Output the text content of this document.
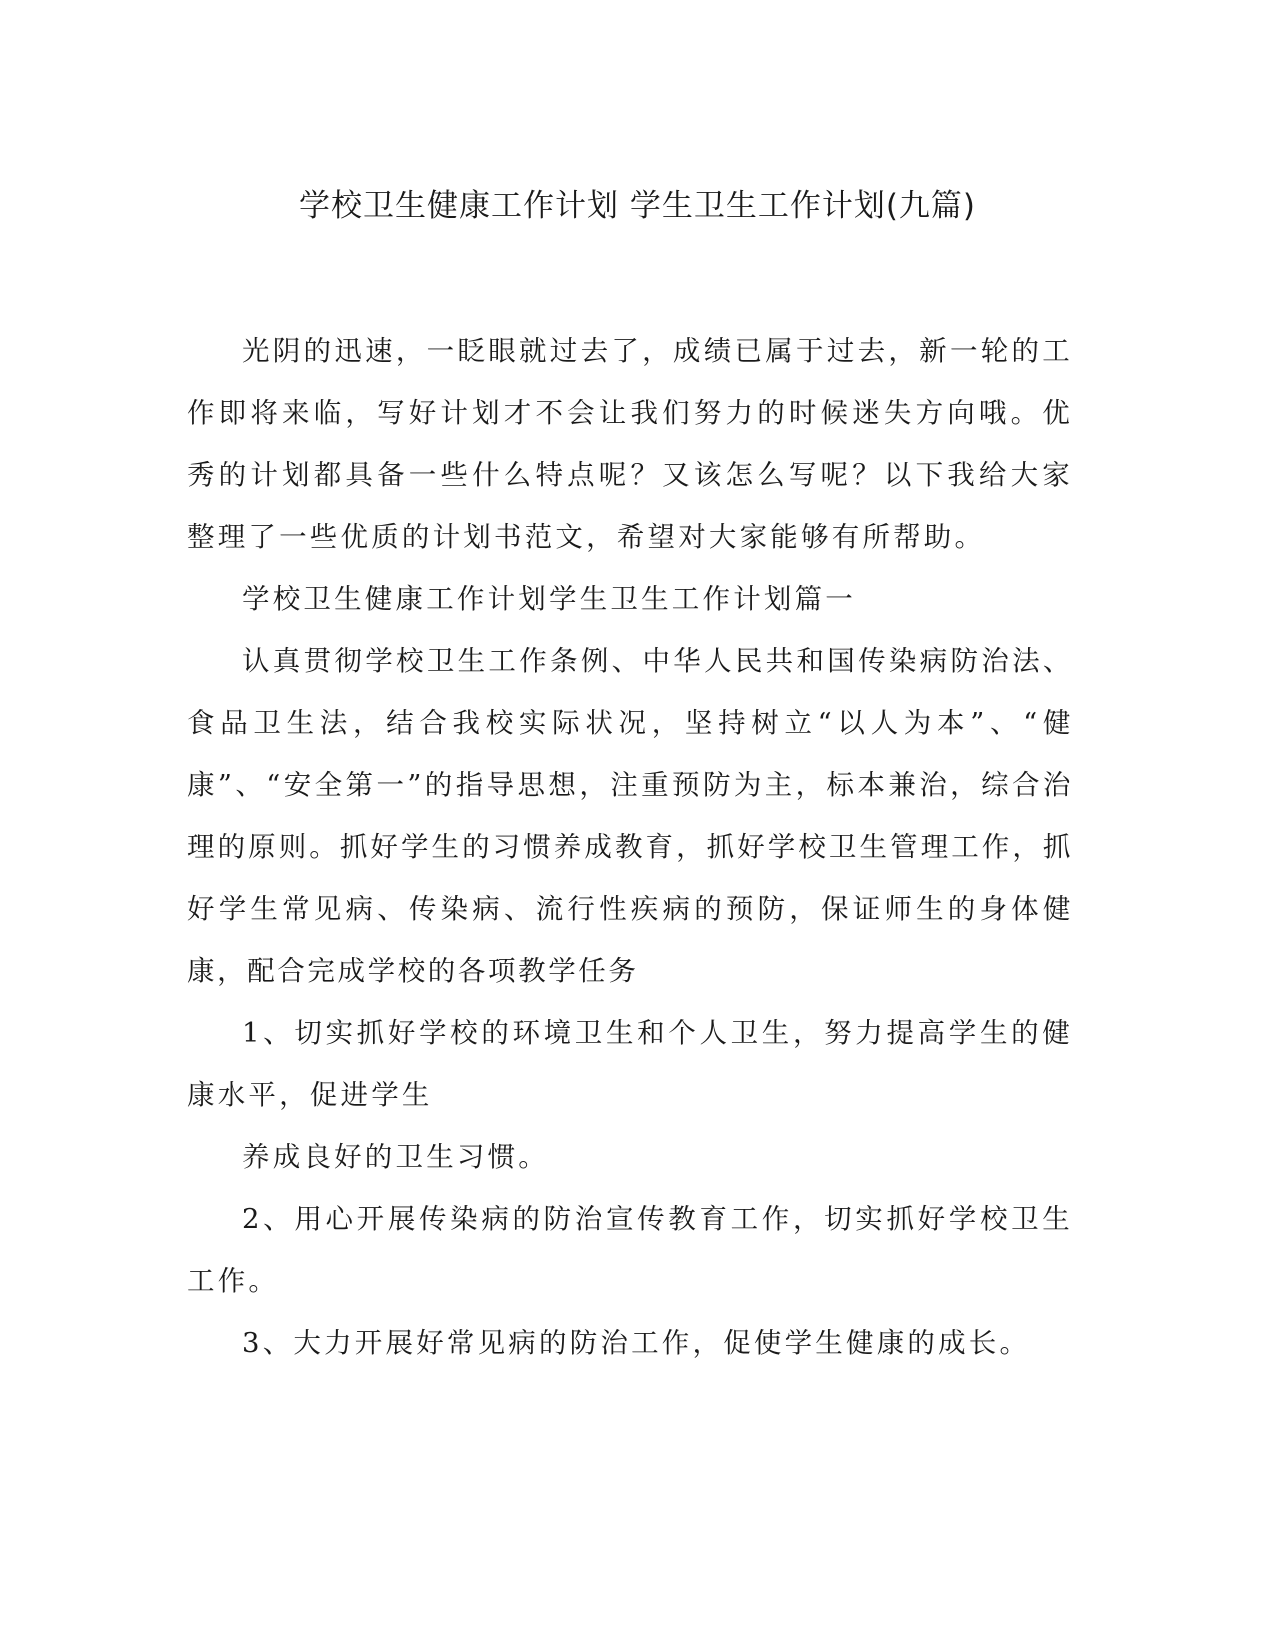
学校卫生健康工作计划 学生卫生工作计划(九篇)

光阴的迅速，一眨眼就过去了，成绩已属于过去，新一轮的工作即将来临，写好计划才不会让我们努力的时候迷失方向哦。优秀的计划都具备一些什么特点呢？又该怎么写呢？以下我给大家整理了一些优质的计划书范文，希望对大家能够有所帮助。

学校卫生健康工作计划学生卫生工作计划篇一

认真贯彻学校卫生工作条例、中华人民共和国传染病防治法、食品卫生法，结合我校实际状况，坚持树立“以人为本”、“健康”、“安全第一”的指导思想，注重预防为主，标本兼治，综合治理的原则。抓好学生的习惯养成教育，抓好学校卫生管理工作，抓好学生常见病、传染病、流行性疾病的预防，保证师生的身体健康，配合完成学校的各项教学任务

1、切实抓好学校的环境卫生和个人卫生，努力提高学生的健康水平，促进学生

养成良好的卫生习惯。

2、用心开展传染病的防治宣传教育工作，切实抓好学校卫生工作。

3、大力开展好常见病的防治工作，促使学生健康的成长。
